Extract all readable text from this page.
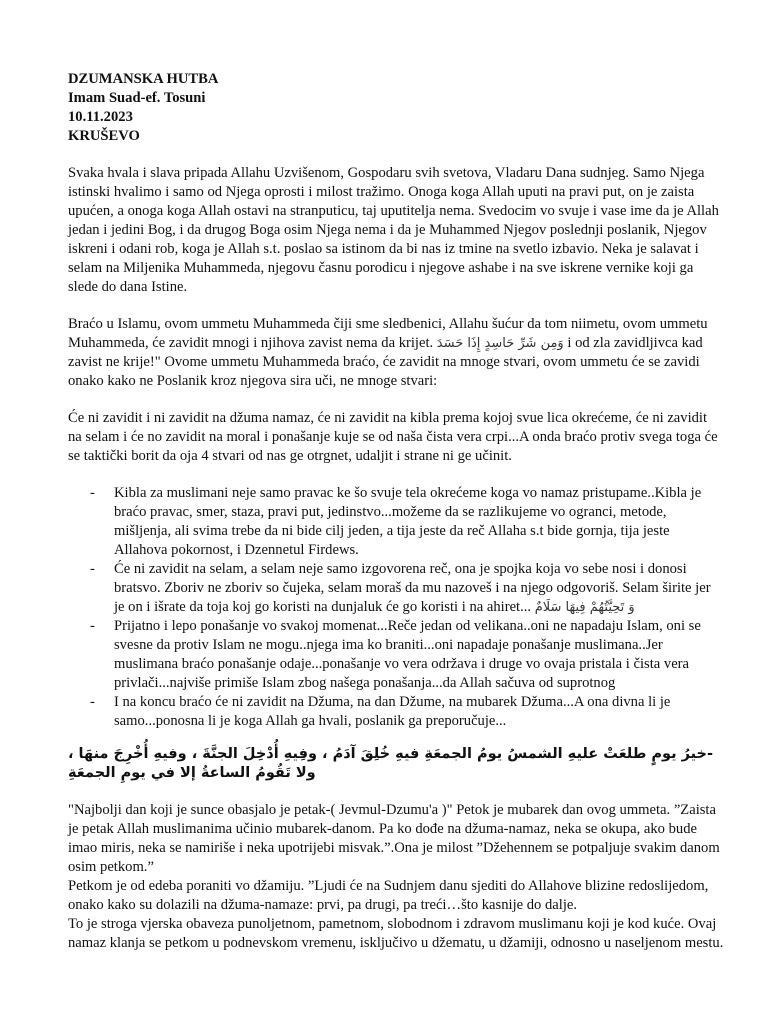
DZUMANSKA HUTBA

Imam Suad-ef. Tosuni

10.11.2023

KRUŠEVO

Svaka hvala i slava pripada Allahu Uzvišenom, Gospodaru svih svetova, Vladaru Dana sudnjeg. Samo Njega istinski hvalimo i samo od Njega oprosti i milost tražimo. Onoga koga Allah uputi na pravi put, on je zaista upućen, a onoga koga Allah ostavi na stranputicu, taj uputitelja nema. Svedocim vo svuje i vase ime da je Allah jedan i jedini Bog, i da drugog Boga osim Njega nema i da je Muhammed Njegov poslednji poslanik, Njegov iskreni i odani rob, koga je Allah s.t. poslao sa istinom da bi nas iz tmine na svetlo izbavio. Neka je salavat i selam na Miljenika Muhammeda, njegovu časnu porodicu i njegove ashabe i na sve iskrene vernike koji ga slede do dana Istine.

Braćo u Islamu, ovom ummetu Muhammeda čiji sme sledbenici, Allahu šućur da tom niimetu, ovom ummetu Muhammeda, će zavidit mnogi i njihova zavist nema da krijet. وَمِن شَرِّ حَاسِدٍ إِذَا حَسَدَ i od zla zavidljivca kad zavist ne krije!" Ovome ummetu Muhammeda braćo, će zavidit na mnoge stvari, ovom ummetu će se zavidi onako kako ne Poslanik kroz njegova sira uči, ne mnoge stvari:

Će ni zavidit i ni zavidit na džuma namaz, će ni zavidit na kibla prema kojoj svue lica okrećeme, će ni zavidit na selam i će no zavidit na moral i ponašanje kuje se od naša čista vera crpi...A onda braćo protiv svega toga će se taktički borit da oja 4 stvari od nas ge otrgnet, udaljit i strane ni ge učinit.

- Kibla za muslimani neje samo pravac ke šo svuje tela okrećeme koga vo namaz pristupame..Kibla je braćo pravac, smer, staza, pravi put, jedinstvo...možeme da se razlikujeme vo ogranci, metode, mišljenja, ali svima trebe da ni bide cilj jeden, a tija jeste da reč Allaha s.t bide gornja, tija jeste Allahova pokornost, i Dzennetul Firdews.
- Će ni zavidit na selam, a selam neje samo izgovorena reč, ona je spojka koja vo sebe nosi i donosi bratsvo. Zboriv ne zboriv so čujeka, selam moraš da mu nazoveš i na njego odgovoriš. Selam širite jer je on i išrate da toja koj go koristi na dunjaluk će go koristi i na ahiret... وَ تَحِيَّتُهُمْ فِيهَا سَلَامٌ
- Prijatno i lepo ponašanje vo svakoj momenat...Reče jedan od velikana..oni ne napadaju Islam, oni se svesne da protiv Islam ne mogu..njega ima ko braniti...oni napadaje ponašanje muslimana..Jer muslimana braćo ponašanje odaje...ponašanje vo vera održava i druge vo ovaja pristala i čista vera privlači...najviše primiše Islam zbog našega ponašanja...da Allah sačuva od suprotnog
- I na koncu braćo će ni zavidit na Džuma, na dan Džume, na mubarek Džuma...A ona divna li je samo...ponosna li je koga Allah ga hvali, poslanik ga preporučuje...

- خيرُ يومٍ طلعَتْ عليهِ الشمسُ يومُ الجمعَةِ فيهِ خُلِقَ آدَمُ ، وفِيهِ أُدْخِلَ الجنَّةَ ، وفيهِ أُخْرِجَ منهَا ، ولا تَقُومُ الساعةُ إلا في يومِ الجمعَةِ

"Najbolji dan koji je sunce obasjalo je petak-( Jevmul-Dzumu'a )" Petok je mubarek dan ovog ummeta. ”Zaista je petak Allah muslimanima učinio mubarek-danom. Pa ko dođe na džuma-namaz, neka se okupa, ako bude imao miris, neka se namiriše i neka upotrijebi misvak.”.Ona je milost ”Džehennem se potpaljuje svakim danom osim petkom.”

Petkom je od edeba poraniti vo džamiju. ”Ljudi će na Sudnjem danu sjediti do Allahove blizine redoslijedom, onako kako su dolazili na džuma-namaze: prvi, pa drugi, pa treći…što kasnije do dalje.

To je stroga vjerska obaveza punoljetnom, pametnom, slobodnom i zdravom muslimanu koji je kod kuće. Ovaj namaz klanja se petkom u podnevskom vremenu, isključivo u džematu, u džamiji, odnosno u naseljenom mestu.
